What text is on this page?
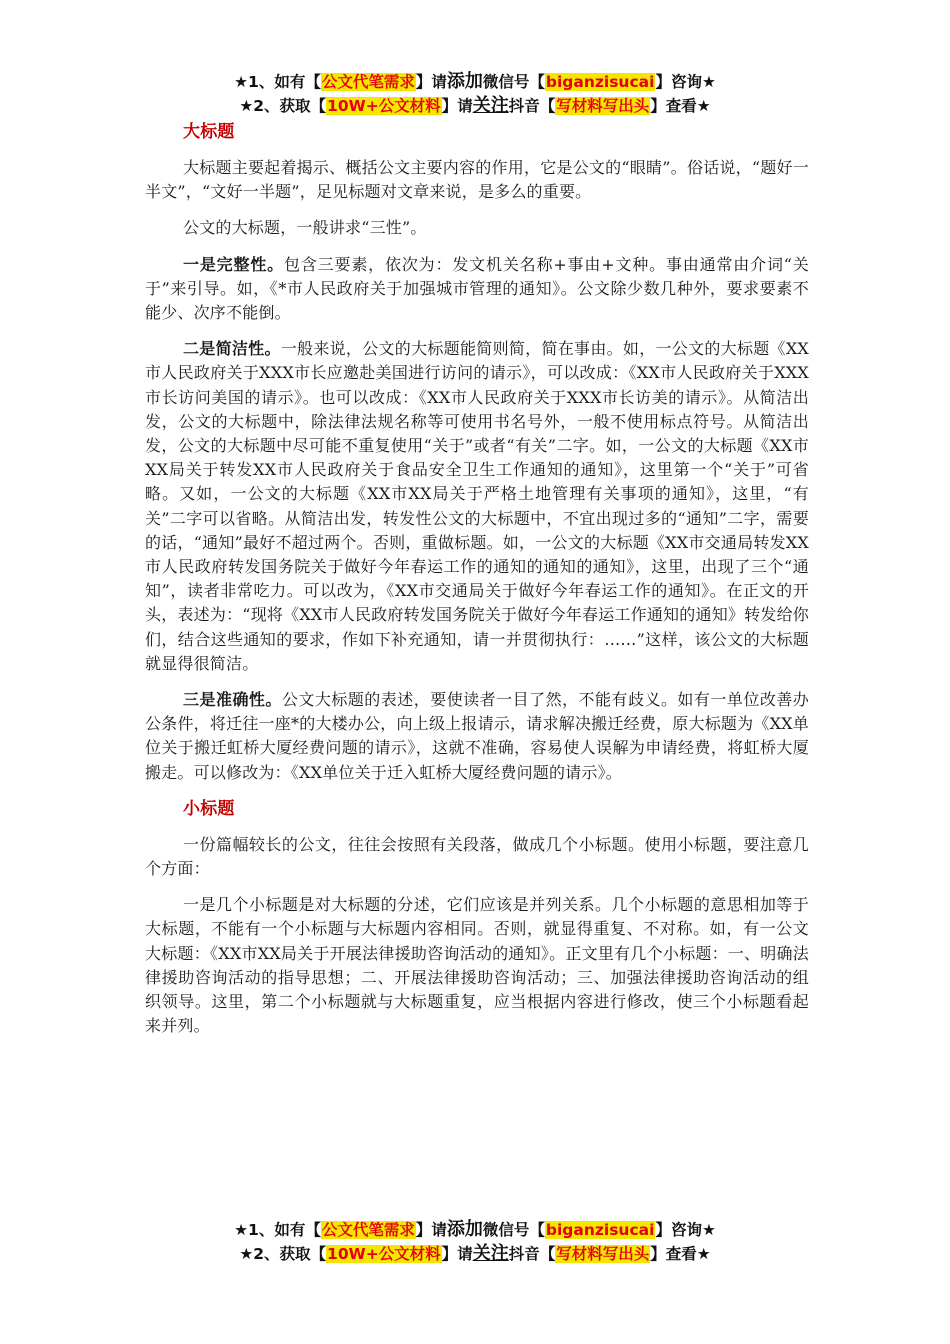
★1、如有【公文代笔需求】请添加微信号【biganzisucai】咨询★
★2、获取【10W+公文材料】请关注抖音【写材料写出头】查看★
大标题

大标题主要起着揭示、概括公文主要内容的作用，它是公文的“眼睛”。俗话说，“题好一半文”，“文好一半题”，足见标题对文章来说，是多么的重要。

公文的大标题，一般讲求“三性”。

一是完整性。包含三要素，依次为：发文机关名称+事由+文种。事由通常由介词“关于”来引导。如，《*市人民政府关于加强城市管理的通知》。公文除少数几种外，要求要素不能少、次序不能倒。

二是简洁性。一般来说，公文的大标题能简则简，简在事由。如，一公文的大标题《XX市人民政府关于XXX市长应邀赴美国进行访问的请示》，可以改成：《XX市人民政府关于XXX市长访问美国的请示》。也可以改成：《XX市人民政府关于XXX市长访美的请示》。从简洁出发，公文的大标题中，除法律法规名称等可使用书名号外，一般不使用标点符号。从简洁出发，公文的大标题中尽可能不重复使用“关于”或者“有关”二字。如，一公文的大标题《XX市XX局关于转发XX市人民政府关于食品安全卫生工作通知的通知》，这里第一个“关于”可省略。又如，一公文的大标题《XX市XX局关于严格土地管理有关事项的通知》，这里，“有关”二字可以省略。从简洁出发，转发性公文的大标题中，不宜出现过多的“通知”二字，需要的话，“通知”最好不超过两个。否则，重做标题。如，一公文的大标题《XX市交通局转发XX市人民政府转发国务院关于做好今年春运工作的通知的通知的通知》，这里，出现了三个“通知”，读者非常吃力。可以改为，《XX市交通局关于做好今年春运工作的通知》。在正文的开头，表述为：“现将《XX市人民政府转发国务院关于做好今年春运工作通知的通知》转发给你们，结合这些通知的要求，作如下补充通知，请一并贯彻执行：……”这样，该公文的大标题就显得很简洁。

三是准确性。公文大标题的表述，要使读者一目了然，不能有歧义。如有一单位改善办公条件，将迁往一座*的大楼办公，向上级上报请示，请求解决搬迁经费，原大标题为《XX单位关于搬迁虹桥大厦经费问题的请示》，这就不准确，容易使人误解为申请经费，将虹桥大厦搬走。可以修改为：《XX单位关于迁入虹桥大厦经费问题的请示》。

小标题

一份篇幅较长的公文，往往会按照有关段落，做成几个小标题。使用小标题，要注意几个方面：

一是几个小标题是对大标题的分述，它们应该是并列关系。几个小标题的意思相加等于大标题，不能有一个小标题与大标题内容相同。否则，就显得重复、不对称。如，有一公文大标题：《XX市XX局关于开展法律援助咨询活动的通知》。正文里有几个小标题：一、明确法律援助咨询活动的指导思想；二、开展法律援助咨询活动；三、加强法律援助咨询活动的组织领导。这里，第二个小标题就与大标题重复，应当根据内容进行修改，使三个小标题看起来并列。

★1、如有【公文代笔需求】请添加微信号【biganzisucai】咨询★
★2、获取【10W+公文材料】请关注抖音【写材料写出头】查看★
